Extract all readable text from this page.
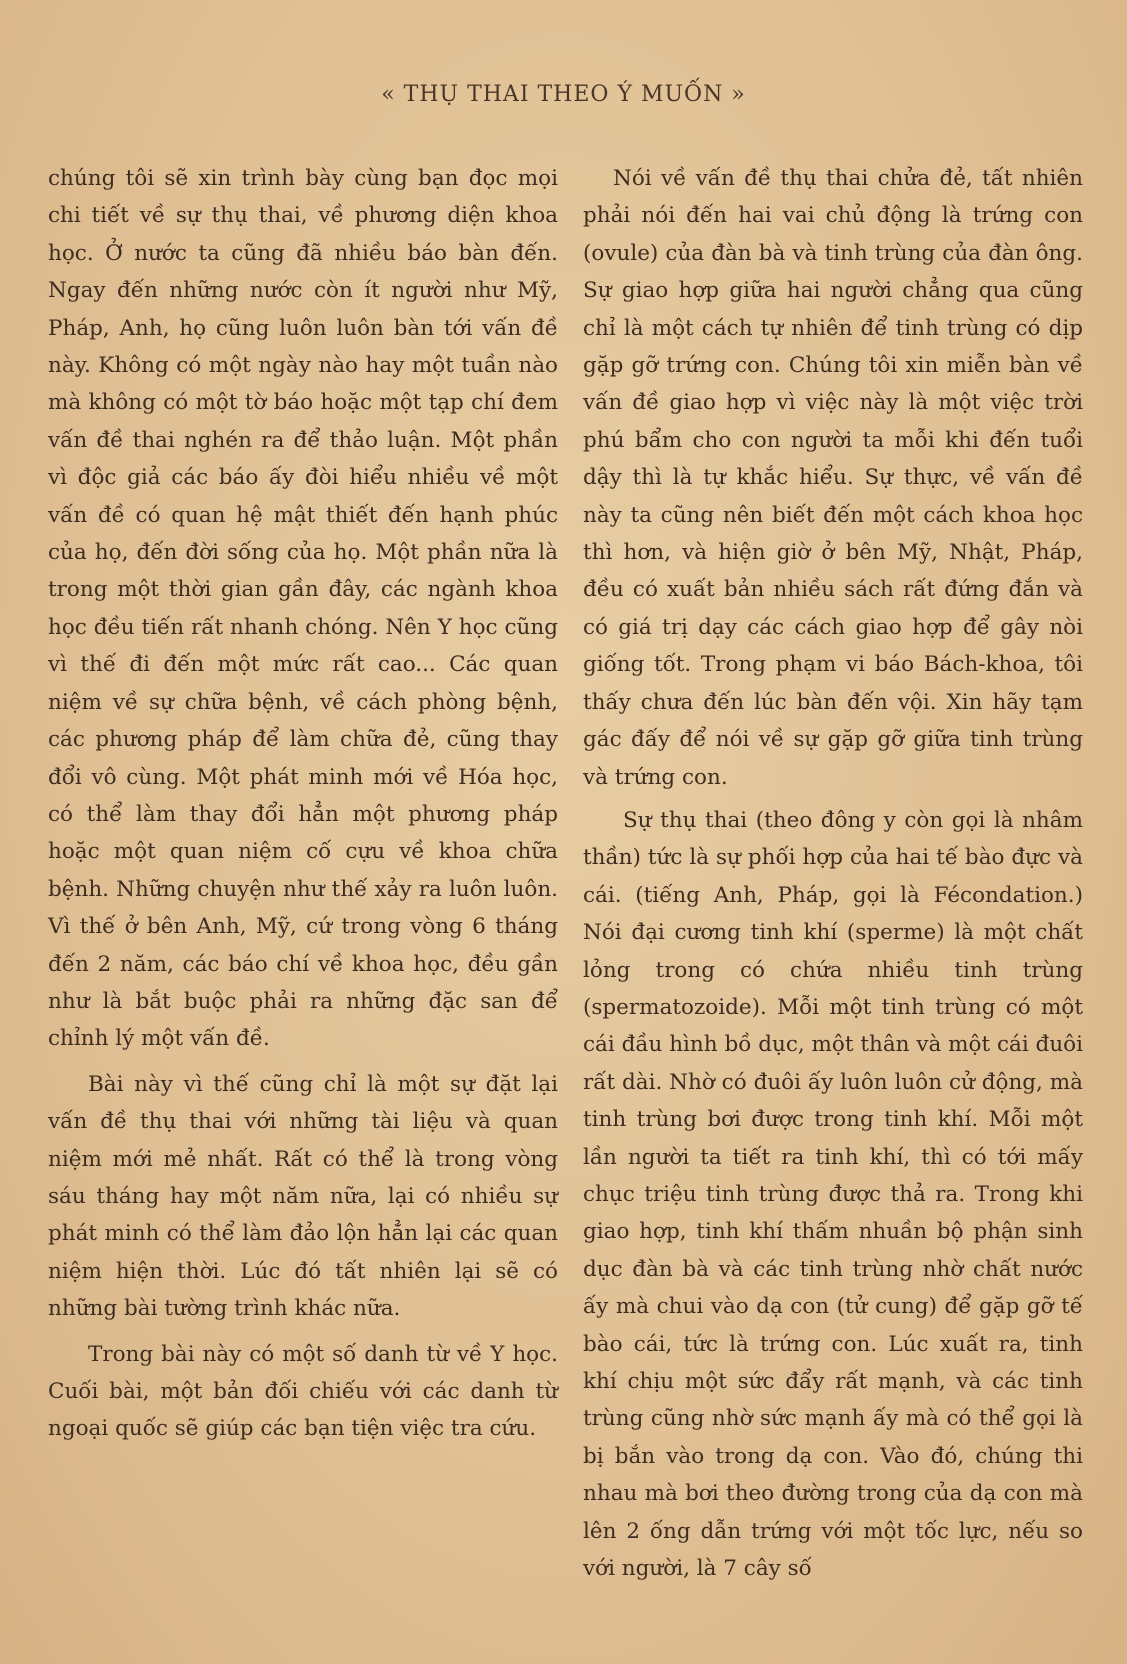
« THỤ THAI THEO Ý MUỐN »

chúng tôi sẽ xin trình bày cùng bạn đọc mọi chi tiết về sự thụ thai, về phương diện khoa học. Ở nước ta cũng đã nhiều báo bàn đến. Ngay đến những nước còn ít người như Mỹ, Pháp, Anh, họ cũng luôn luôn bàn tới vấn đề này. Không có một ngày nào hay một tuần nào mà không có một tờ báo hoặc một tạp chí đem vấn đề thai nghén ra để thảo luận. Một phần vì độc giả các báo ấy đòi hiểu nhiều về một vấn đề có quan hệ mật thiết đến hạnh phúc của họ, đến đời sống của họ. Một phần nữa là trong một thời gian gần đây, các ngành khoa học đều tiến rất nhanh chóng. Nên Y học cũng vì thế đi đến một mức rất cao... Các quan niệm về sự chữa bệnh, về cách phòng bệnh, các phương pháp để làm chữa đẻ, cũng thay đổi vô cùng. Một phát minh mới về Hóa học, có thể làm thay đổi hẳn một phương pháp hoặc một quan niệm cố cựu về khoa chữa bệnh. Những chuyện như thế xảy ra luôn luôn. Vì thế ở bên Anh, Mỹ, cứ trong vòng 6 tháng đến 2 năm, các báo chí về khoa học, đều gần như là bắt buộc phải ra những đặc san để chỉnh lý một vấn đề.

Bài này vì thế cũng chỉ là một sự đặt lại vấn đề thụ thai với những tài liệu và quan niệm mới mẻ nhất. Rất có thể là trong vòng sáu tháng hay một năm nữa, lại có nhiều sự phát minh có thể làm đảo lộn hẳn lại các quan niệm hiện thời. Lúc đó tất nhiên lại sẽ có những bài tường trình khác nữa.

Trong bài này có một số danh từ về Y học. Cuối bài, một bản đối chiếu với các danh từ ngoại quốc sẽ giúp các bạn tiện việc tra cứu.

Nói về vấn đề thụ thai chửa đẻ, tất nhiên phải nói đến hai vai chủ động là trứng con (ovule) của đàn bà và tinh trùng của đàn ông. Sự giao hợp giữa hai người chẳng qua cũng chỉ là một cách tự nhiên để tinh trùng có dịp gặp gỡ trứng con. Chúng tôi xin miễn bàn về vấn đề giao hợp vì việc này là một việc trời phú bẩm cho con người ta mỗi khi đến tuổi dậy thì là tự khắc hiểu. Sự thực, về vấn đề này ta cũng nên biết đến một cách khoa học thì hơn, và hiện giờ ở bên Mỹ, Nhật, Pháp, đều có xuất bản nhiều sách rất đứng đắn và có giá trị dạy các cách giao hợp để gây nòi giống tốt. Trong phạm vi báo Bách-khoa, tôi thấy chưa đến lúc bàn đến vội. Xin hãy tạm gác đấy để nói về sự gặp gỡ giữa tinh trùng và trứng con.

Sự thụ thai (theo đông y còn gọi là nhâm thần) tức là sự phối hợp của hai tế bào đực và cái. (tiếng Anh, Pháp, gọi là Fécondation.) Nói đại cương tinh khí (sperme) là một chất lỏng trong có chứa nhiều tinh trùng (spermatozoide). Mỗi một tinh trùng có một cái đầu hình bồ dục, một thân và một cái đuôi rất dài. Nhờ có đuôi ấy luôn luôn cử động, mà tinh trùng bơi được trong tinh khí. Mỗi một lần người ta tiết ra tinh khí, thì có tới mấy chục triệu tinh trùng được thả ra. Trong khi giao hợp, tinh khí thấm nhuần bộ phận sinh dục đàn bà và các tinh trùng nhờ chất nước ấy mà chui vào dạ con (tử cung) để gặp gỡ tế bào cái, tức là trứng con. Lúc xuất ra, tinh khí chịu một sức đẩy rất mạnh, và các tinh trùng cũng nhờ sức mạnh ấy mà có thể gọi là bị bắn vào trong dạ con. Vào đó, chúng thi nhau mà bơi theo đường trong của dạ con mà lên 2 ống dẫn trứng với một tốc lực, nếu so với người, là 7 cây số
